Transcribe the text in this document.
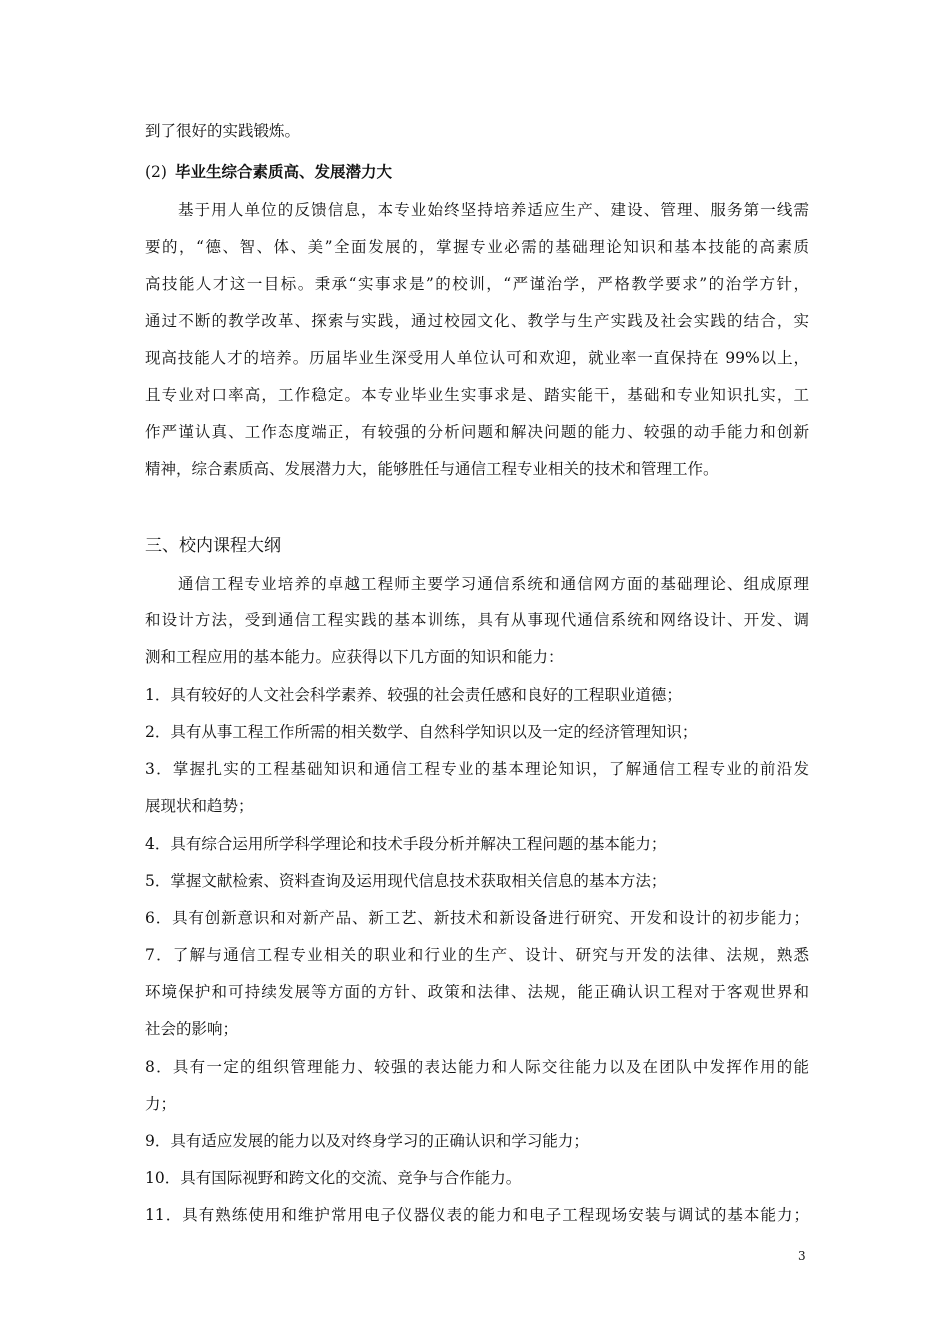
到了很好的实践锻炼。
(2) 毕业生综合素质高、发展潜力大
基于用人单位的反馈信息，本专业始终坚持培养适应生产、建设、管理、服务第一线需
要的，“德、智、体、美”全面发展的，掌握专业必需的基础理论知识和基本技能的高素质
高技能人才这一目标。秉承“实事求是”的校训，“严谨治学，严格教学要求”的治学方针，
通过不断的教学改革、探索与实践，通过校园文化、教学与生产实践及社会实践的结合，实
现高技能人才的培养。历届毕业生深受用人单位认可和欢迎，就业率一直保持在 99%以上，
且专业对口率高，工作稳定。本专业毕业生实事求是、踏实能干，基础和专业知识扎实，工
作严谨认真、工作态度端正，有较强的分析问题和解决问题的能力、较强的动手能力和创新
精神，综合素质高、发展潜力大，能够胜任与通信工程专业相关的技术和管理工作。
三、校内课程大纲
通信工程专业培养的卓越工程师主要学习通信系统和通信网方面的基础理论、组成原理
和设计方法，受到通信工程实践的基本训练，具有从事现代通信系统和网络设计、开发、调
测和工程应用的基本能力。应获得以下几方面的知识和能力：
1．具有较好的人文社会科学素养、较强的社会责任感和良好的工程职业道德；
2．具有从事工程工作所需的相关数学、自然科学知识以及一定的经济管理知识；
3．掌握扎实的工程基础知识和通信工程专业的基本理论知识，了解通信工程专业的前沿发
展现状和趋势；
4．具有综合运用所学科学理论和技术手段分析并解决工程问题的基本能力；
5．掌握文献检索、资料查询及运用现代信息技术获取相关信息的基本方法；
6．具有创新意识和对新产品、新工艺、新技术和新设备进行研究、开发和设计的初步能力；
7．了解与通信工程专业相关的职业和行业的生产、设计、研究与开发的法律、法规，熟悉
环境保护和可持续发展等方面的方针、政策和法律、法规，能正确认识工程对于客观世界和
社会的影响；
8．具有一定的组织管理能力、较强的表达能力和人际交往能力以及在团队中发挥作用的能
力；
9．具有适应发展的能力以及对终身学习的正确认识和学习能力；
10．具有国际视野和跨文化的交流、竞争与合作能力。
11．具有熟练使用和维护常用电子仪器仪表的能力和电子工程现场安装与调试的基本能力；
3
